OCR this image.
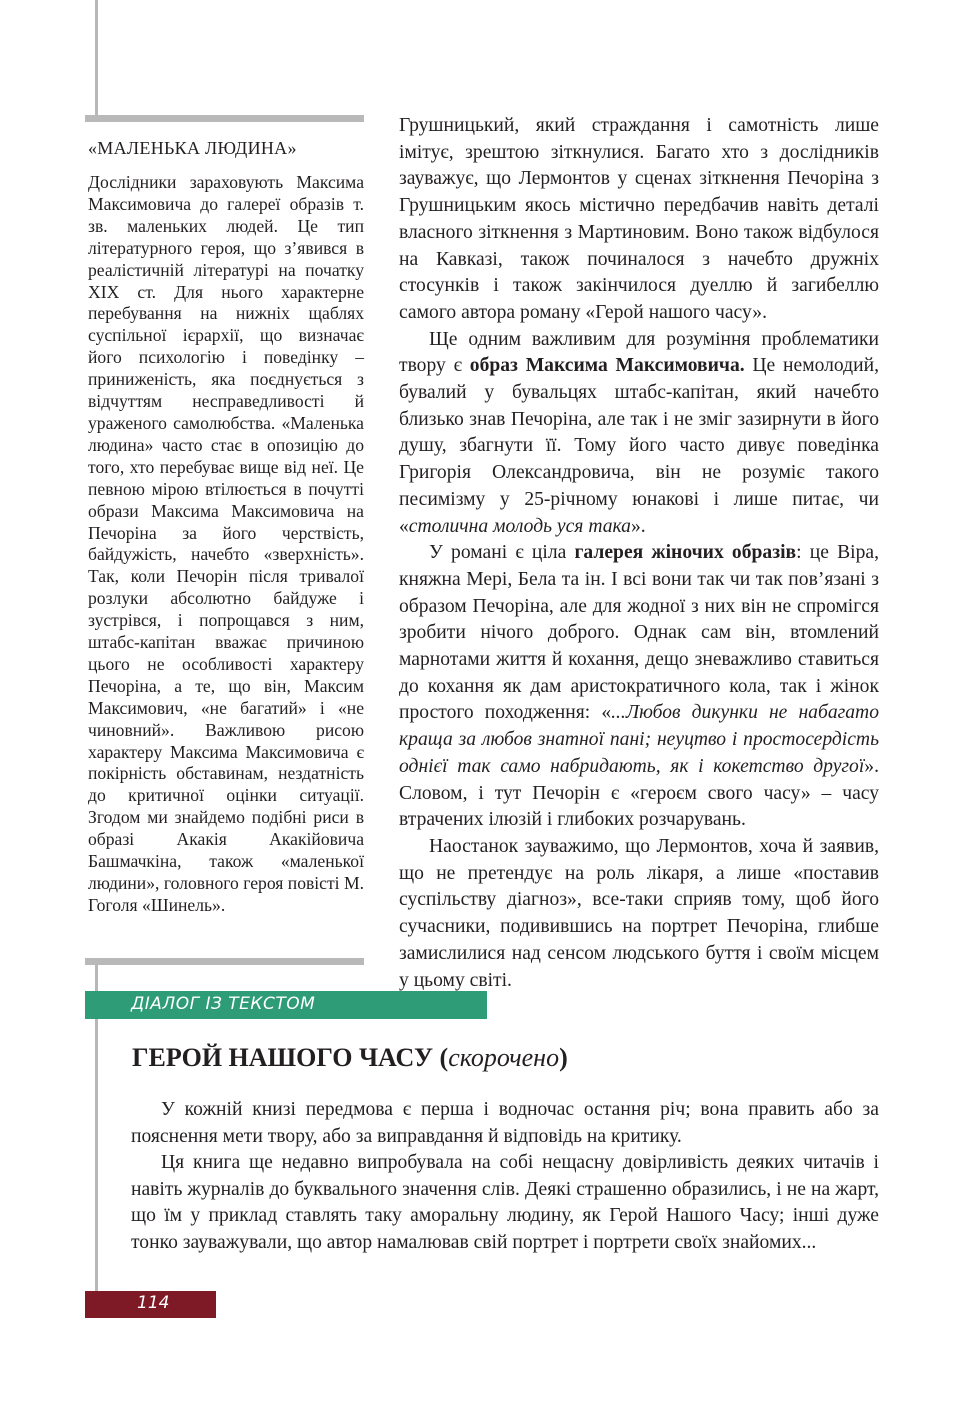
«МАЛЕНЬКА ЛЮДИНА»

Дослідники зараховують Максима Максимовича до галереї образів т. зв. маленьких людей. Це тип літературного героя, що з’явився в реалістичній літературі на початку XIX ст. Для нього характерне перебування на нижніх щаблях суспільної ієрархії, що визначає його психологію і поведінку – приниженість, яка поєднується з відчуттям несправедливості й ураженого самолюбства. «Маленька людина» часто стає в опозицію до того, хто перебуває вище від неї. Це певною мірою втілюється в почутті образи Максима Максимовича на Печоріна за його черствість, байдужість, начебто «зверхність». Так, коли Печорін після тривалої розлуки абсолютно байдуже і зустрівся, і попрощався з ним, штабс-капітан вважає причиною цього не особливості характеру Печоріна, а те, що він, Максим Максимович, «не багатий» і «не чиновний». Важливою рисою характеру Максима Максимовича є покірність обставинам, нездатність до критичної оцінки ситуації. Згодом ми знайдемо подібні риси в образі Акакія Акакійовича Башмачкіна, також «маленької людини», головного героя повісті М. Гоголя «Шинель».

Грушницький, який страждання і самотність лише імітує, зрештою зіткнулися. Багато хто з дослідників зауважує, що Лермонтов у сценах зіткнення Печоріна з Грушницьким якось містично передбачив навіть деталі власного зіткнення з Мартиновим. Воно також відбулося на Кавказі, також починалося з начебто дружніх стосунків і також закінчилося дуеллю й загибеллю самого автора роману «Герой нашого часу».

Ще одним важливим для розуміння проблематики твору є образ Максима Максимовича. Це немолодий, бувалий у бувальцях штабс-капітан, який начебто близько знав Печоріна, але так і не зміг зазирнути в його душу, збагнути її. Тому його часто дивує поведінка Григорія Олександровича, він не розуміє такого песимізму у 25-річному юнакові і лише питає, чи «столична молодь уся така».

У романі є ціла галерея жіночих образів: це Віра, княжна Мері, Бела та ін. І всі вони так чи так пов’язані з образом Печоріна, але для жодної з них він не спромігся зробити нічого доброго. Однак сам він, втомлений марнотами життя й кохання, дещо зневажливо ставиться до кохання як дам аристократичного кола, так і жінок простого походження: «...Любов дикунки не набагато краща за любов знатної пані; неуцтво і простосердість однієї так само набридають, як і кокетство другої». Словом, і тут Печорін є «героєм свого часу» – часу втрачених ілюзій і глибоких розчарувань.

Наостанок зауважимо, що Лермонтов, хоча й заявив, що не претендує на роль лікаря, а лише «поставив суспільству діагноз», все-таки сприяв тому, щоб його сучасники, подивившись на портрет Печоріна, глибше замислилися над сенсом людського буття і своїм місцем у цьому світі.

ДІАЛОГ ІЗ ТЕКСТОМ
ГЕРОЙ НАШОГО ЧАСУ (скорочено)

У кожній книзі передмова є перша і водночас остання річ; вона править або за пояснення мети твору, або за виправдання й відповідь на критику.

Ця книга ще недавно випробувала на собі нещасну довірливість деяких читачів і навіть журналів до буквального значення слів. Деякі страшенно образились, і не на жарт, що їм у приклад ставлять таку аморальну людину, як Герой Нашого Часу; інші дуже тонко зауважували, що автор намалював свій портрет і портрети своїх знайомих...

114
